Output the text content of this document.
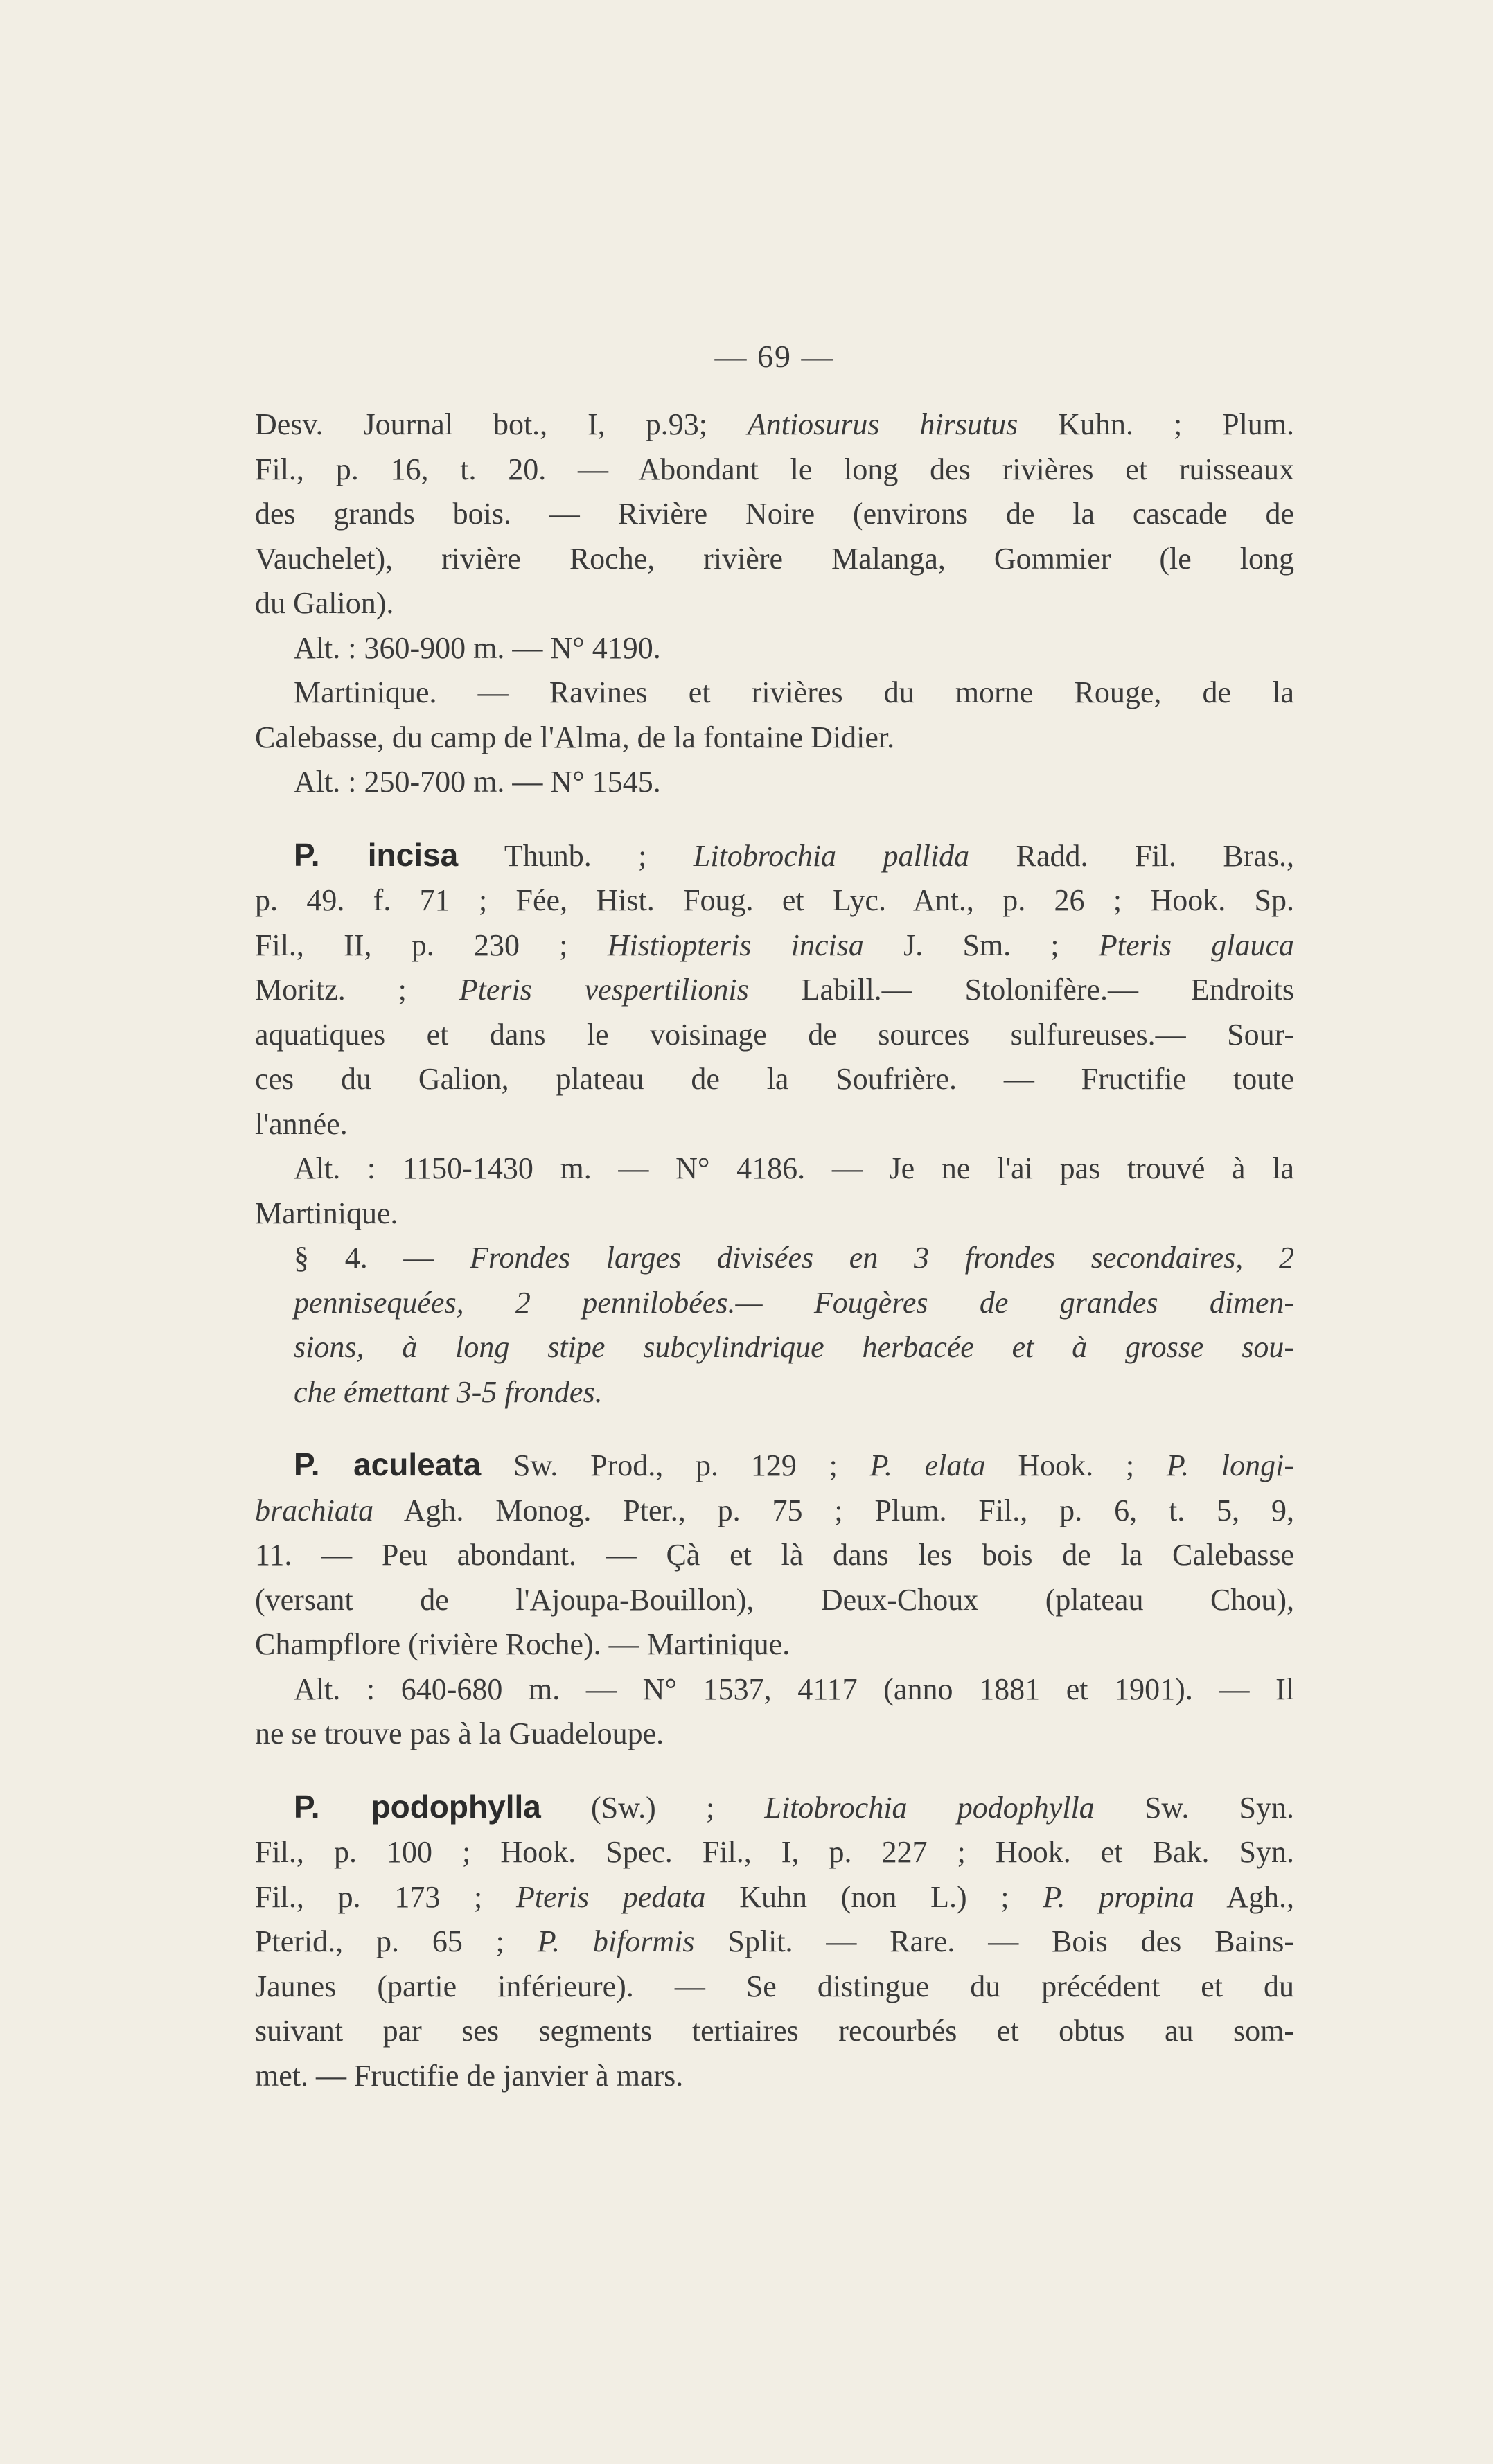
— 69 —
Desv. Journal bot., I, p.93; Antiosurus hirsutus Kuhn. ; Plum.
Fil., p. 16, t. 20. — Abondant le long des rivières et ruisseaux
des grands bois. — Rivière Noire (environs de la cascade de
Vauchelet), rivière Roche, rivière Malanga, Gommier (le long
du Galion).
Alt. : 360-900 m. — N° 4190.
Martinique. — Ravines et rivières du morne Rouge, de la
Calebasse, du camp de l'Alma, de la fontaine Didier.
Alt. : 250-700 m. — N° 1545.
P. incisa Thunb. ; Litobrochia pallida Radd. Fil. Bras.,
p. 49. f. 71 ; Fée, Hist. Foug. et Lyc. Ant., p. 26 ; Hook. Sp.
Fil., II, p. 230 ; Histiopteris incisa J. Sm. ; Pteris glauca
Moritz. ; Pteris vespertilionis Labill.— Stolonifère.— Endroits
aquatiques et dans le voisinage de sources sulfureuses.— Sour-
ces du Galion, plateau de la Soufrière. — Fructifie toute
l'année.
Alt. : 1150-1430 m. — N° 4186. — Je ne l'ai pas trouvé à la
Martinique.
§ 4. — Frondes larges divisées en 3 frondes secondaires, 2
pennisequées, 2 pennilobées.— Fougères de grandes dimen-
sions, à long stipe subcylindrique herbacée et à grosse sou-
che émettant 3-5 frondes.
P. aculeata Sw. Prod., p. 129 ; P. elata Hook. ; P. longi-
brachiata Agh. Monog. Pter., p. 75 ; Plum. Fil., p. 6, t. 5, 9,
11. — Peu abondant. — Çà et là dans les bois de la Calebasse
(versant de l'Ajoupa-Bouillon), Deux-Choux (plateau Chou),
Champflore (rivière Roche). — Martinique.
Alt. : 640-680 m. — N° 1537, 4117 (anno 1881 et 1901). — Il
ne se trouve pas à la Guadeloupe.
P. podophylla (Sw.) ; Litobrochia podophylla Sw. Syn.
Fil., p. 100 ; Hook. Spec. Fil., I, p. 227 ; Hook. et Bak. Syn.
Fil., p. 173 ; Pteris pedata Kuhn (non L.) ; P. propina Agh.,
Pterid., p. 65 ; P. biformis Split. — Rare. — Bois des Bains-
Jaunes (partie inférieure). — Se distingue du précédent et du
suivant par ses segments tertiaires recourbés et obtus au som-
met. — Fructifie de janvier à mars.
